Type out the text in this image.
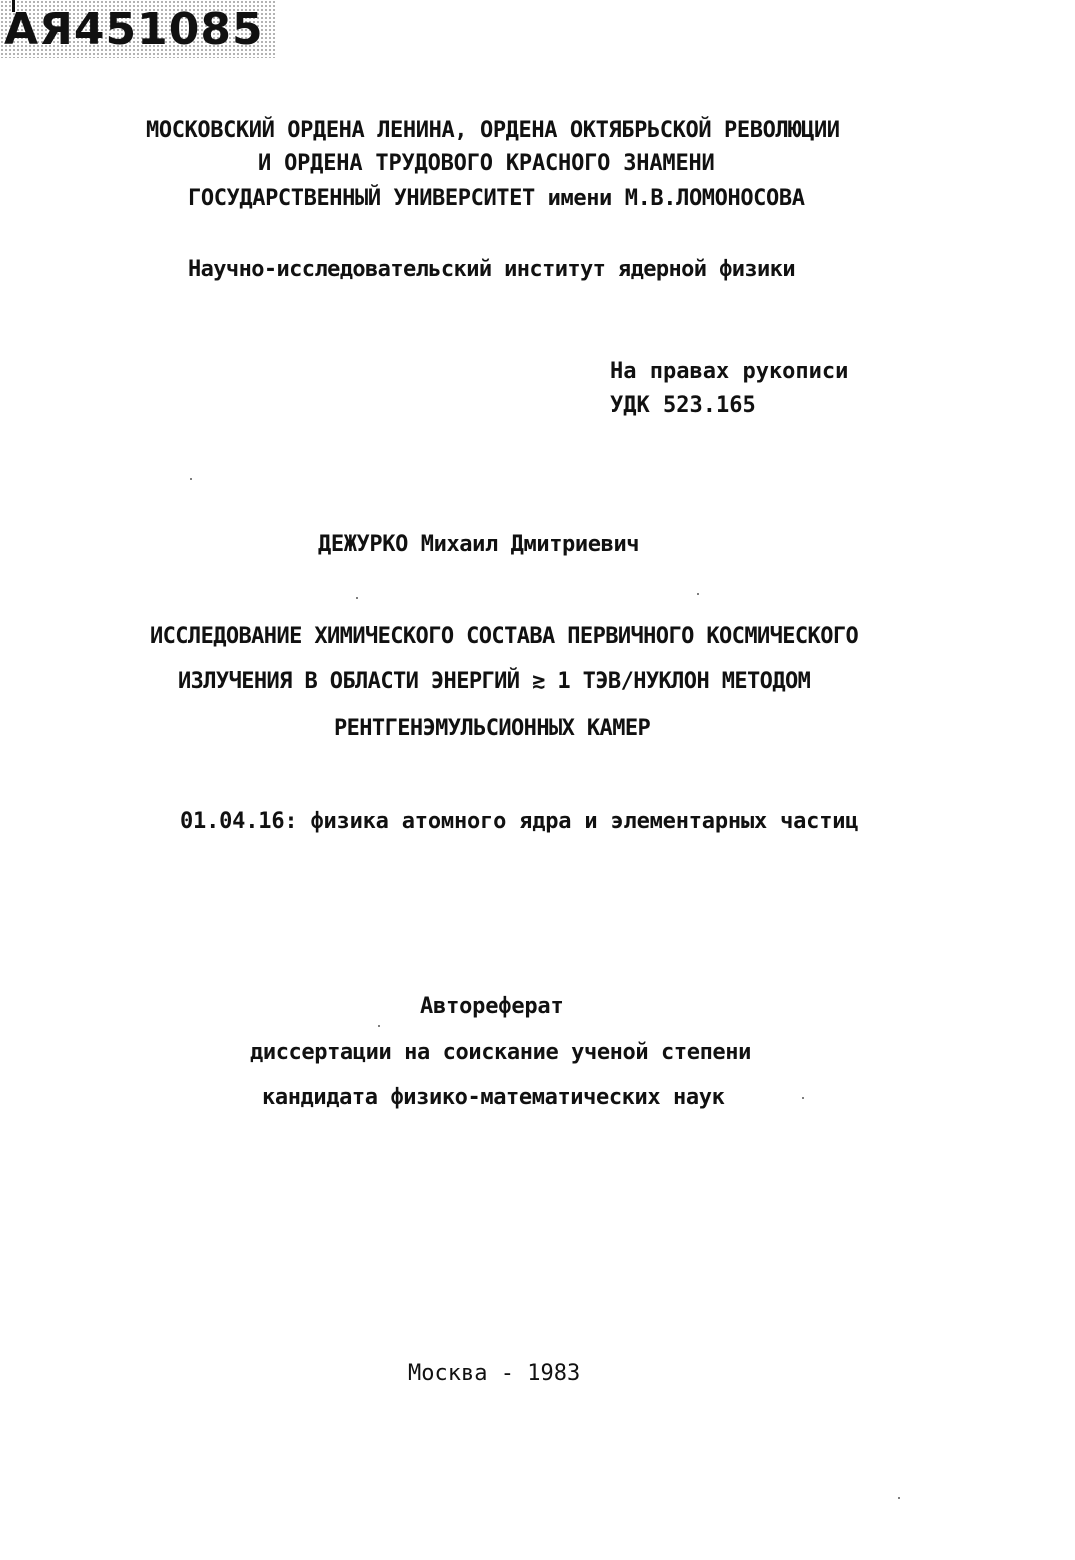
АЯ451085
МОСКОВСКИЙ ОРДЕНА ЛЕНИНА, ОРДЕНА ОКТЯБРЬСКОЙ РЕВОЛЮЦИИ
И ОРДЕНА ТРУДОВОГО КРАСНОГО ЗНАМЕНИ
ГОСУДАРСТВЕННЫЙ УНИВЕРСИТЕТ имени М.В.ЛОМОНОСОВА
Научно-исследовательский институт ядерной физики
На правах рукописи
УДК 523.165
ДЕЖУРКО Михаил Дмитриевич
ИССЛЕДОВАНИЕ ХИМИЧЕСКОГО СОСТАВА ПЕРВИЧНОГО КОСМИЧЕСКОГО
ИЗЛУЧЕНИЯ В ОБЛАСТИ ЭНЕРГИЙ ≳ 1 ТЭВ/НУКЛОН МЕТОДОМ
РЕНТГЕНЭМУЛЬСИОННЫХ КАМЕР
01.04.16: физика атомного ядра и элементарных частиц
Автореферат
диссертации на соискание ученой степени
кандидата физико-математических наук
Москва - 1983
